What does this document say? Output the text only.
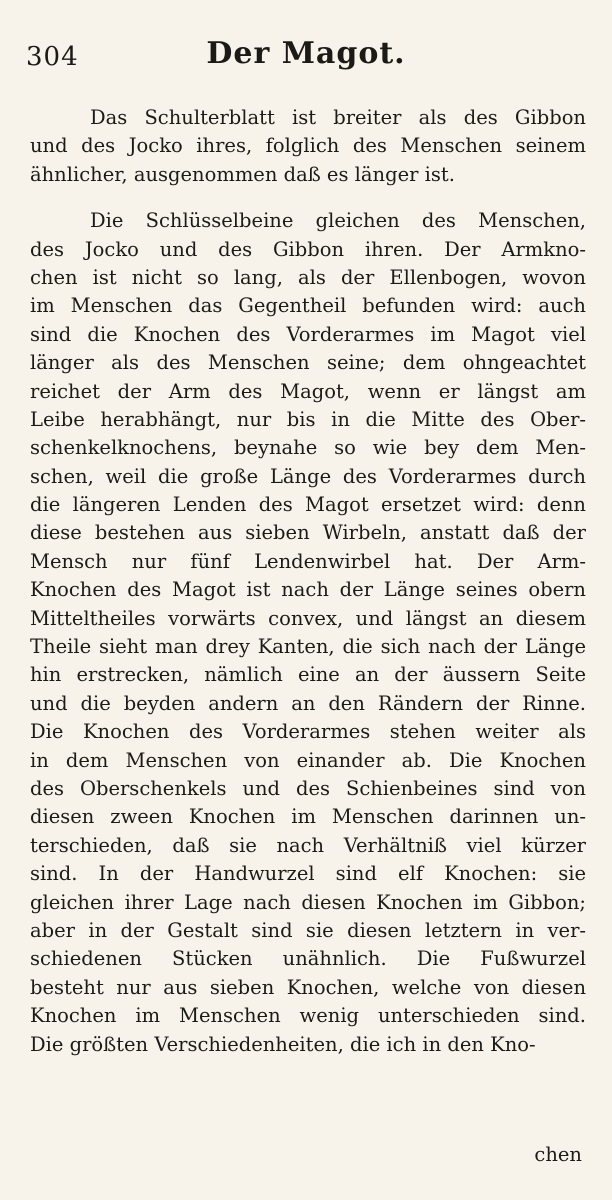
304	Der Magot.
Das Schulterblatt ist breiter als des Gibbon
und des Jocko ihres, folglich des Menschen seinem
ähnlicher, ausgenommen daß es länger ist.
Die Schlüsselbeine gleichen des Menschen,
des Jocko und des Gibbon ihren. Der Armkno-
chen ist nicht so lang, als der Ellenbogen, wovon
im Menschen das Gegentheil befunden wird: auch
sind die Knochen des Vorderarmes im Magot viel
länger als des Menschen seine; dem ohngeachtet
reichet der Arm des Magot, wenn er längst am
Leibe herabhängt, nur bis in die Mitte des Ober-
schenkelknochens, beynahe so wie bey dem Men-
schen, weil die große Länge des Vorderarmes durch
die längeren Lenden des Magot ersetzet wird: denn
diese bestehen aus sieben Wirbeln, anstatt daß der
Mensch nur fünf Lendenwirbel hat. Der Arm-
Knochen des Magot ist nach der Länge seines obern
Mitteltheiles vorwärts convex, und längst an diesem
Theile sieht man drey Kanten, die sich nach der Länge
hin erstrecken, nämlich eine an der äussern Seite
und die beyden andern an den Rändern der Rinne.
Die Knochen des Vorderarmes stehen weiter als
in dem Menschen von einander ab. Die Knochen
des Oberschenkels und des Schienbeines sind von
diesen zween Knochen im Menschen darinnen un-
terschieden, daß sie nach Verhältniß viel kürzer
sind. In der Handwurzel sind elf Knochen: sie
gleichen ihrer Lage nach diesen Knochen im Gibbon;
aber in der Gestalt sind sie diesen letztern in ver-
schiedenen Stücken unähnlich. Die Fußwurzel
besteht nur aus sieben Knochen, welche von diesen
Knochen im Menschen wenig unterschieden sind.
Die größten Verschiedenheiten, die ich in den Kno-
chen
